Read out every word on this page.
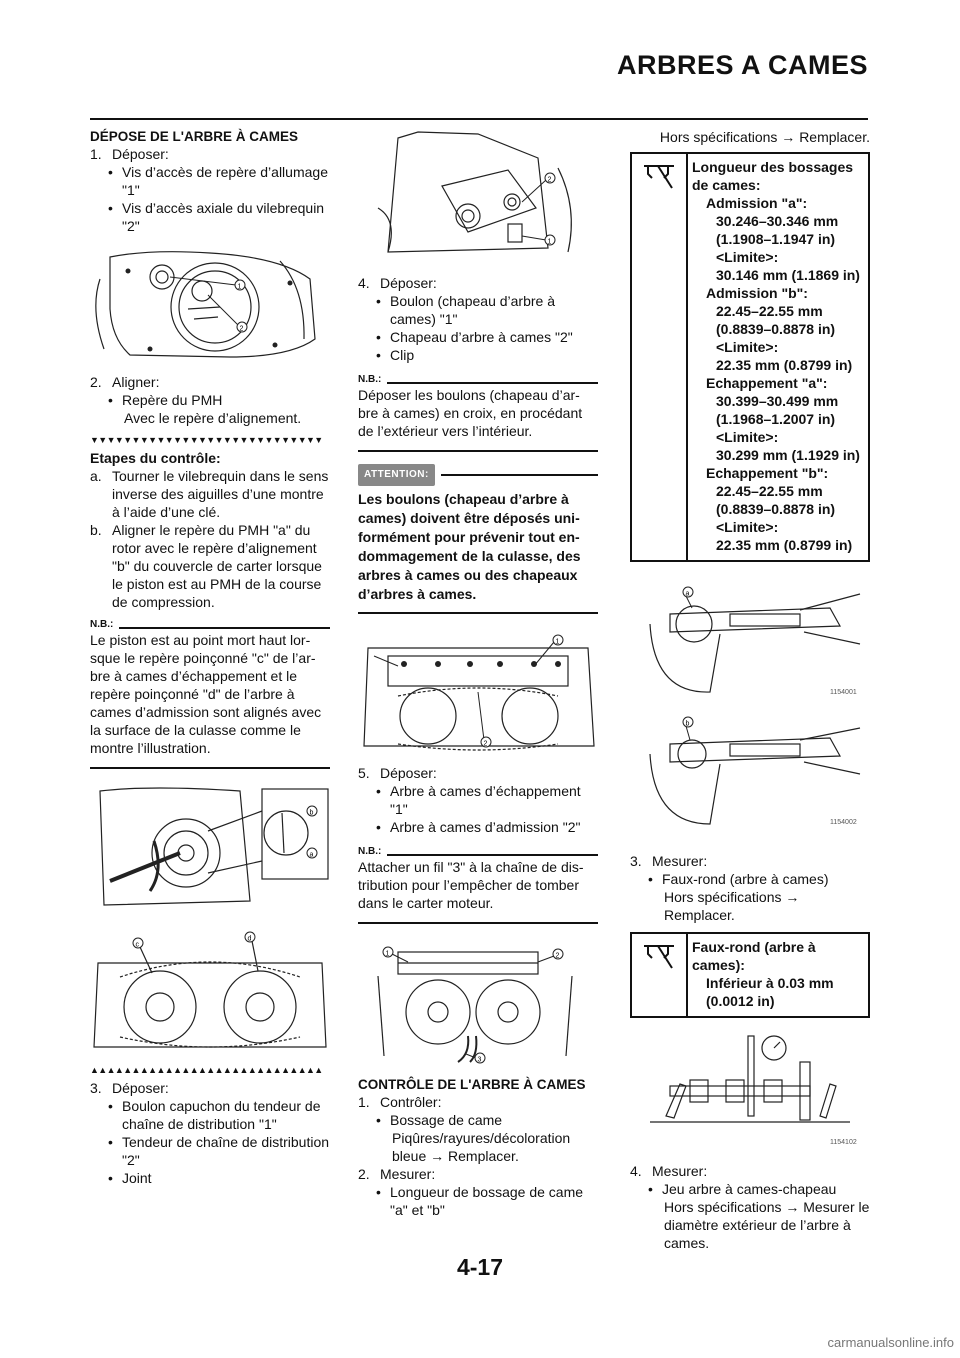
ARBRES A CAMES
DÉPOSE DE L'ARBRE À CAMES
1. Déposer:
• Vis d’accès de repère d’allumage "1"
• Vis d’accès axiale du vilebrequin "2"
1
2
2. Aligner:
• Repère du PMH
Avec le repère d’alignement.
▼▼▼▼▼▼▼▼▼▼▼▼▼▼▼▼▼▼▼▼▼▼▼▼▼▼▼▼
Etapes du contrôle:
a. Tourner le vilebrequin dans le sens inverse des aiguilles d’une montre à l’aide d’une clé.
b. Aligner le repère du PMH "a" du rotor avec le repère d’alignement "b" du couvercle de carter lorsque le piston est au PMH de la course de compression.
N.B.:
Le piston est au point mort haut lor-sque le repère poinçonné "c" de l’ar-bre à cames d’échappement et le repère poinçonné "d" de l’arbre à cames d’admission sont alignés avec la surface de la culasse comme le montre l’illustration.
b
a
c
d
▲▲▲▲▲▲▲▲▲▲▲▲▲▲▲▲▲▲▲▲▲▲▲▲▲▲▲▲
3. Déposer:
• Boulon capuchon du tendeur de chaîne de distribution "1"
• Tendeur de chaîne de distribution "2"
• Joint
2
1
4. Déposer:
• Boulon (chapeau d’arbre à cames) "1"
• Chapeau d’arbre à cames "2"
• Clip
N.B.:
Déposer les boulons (chapeau d’ar-bre à cames) en croix, en procédant de l’extérieur vers l’intérieur.
ATTENTION:
Les boulons (chapeau d’arbre à cames) doivent être déposés uni-formément pour prévenir tout en-dommagement de la culasse, des arbres à cames ou des chapeaux d’arbres à cames.
1
2
5. Déposer:
• Arbre à cames d’échappement "1"
• Arbre à cames d’admission "2"
N.B.:
Attacher un fil "3" à la chaîne de dis-tribution pour l’empêcher de tomber dans le carter moteur.
1	2
3
CONTRÔLE DE L'ARBRE À CAMES
1. Contrôler:
• Bossage de came
Piqûres/rayures/décoloration bleue → Remplacer.
2. Mesurer:
• Longueur de bossage de came "a" et "b"
Hors spécifications → Remplacer.
Longueur des bossages de cames:
Admission "a":
30.246–30.346 mm
(1.1908–1.1947 in)
<Limite>:
30.146 mm (1.1869 in)
Admission "b":
22.45–22.55 mm
(0.8839–0.8878 in)
<Limite>:
22.35 mm (0.8799 in)
Echappement "a":
30.399–30.499 mm
(1.1968–1.2007 in)
<Limite>:
30.299 mm (1.1929 in)
Echappement "b":
22.45–22.55 mm
(0.8839–0.8878 in)
<Limite>:
22.35 mm (0.8799 in)
a
1154001
b
1154002
3. Mesurer:
• Faux-rond (arbre à cames)
Hors spécifications → Remplacer.
Faux-rond (arbre à cames):
Inférieur à 0.03 mm
(0.0012 in)
1154102
4. Mesurer:
• Jeu arbre à cames-chapeau
Hors spécifications → Mesurer le diamètre extérieur de l’arbre à cames.
4-17
carmanualsonline.info
